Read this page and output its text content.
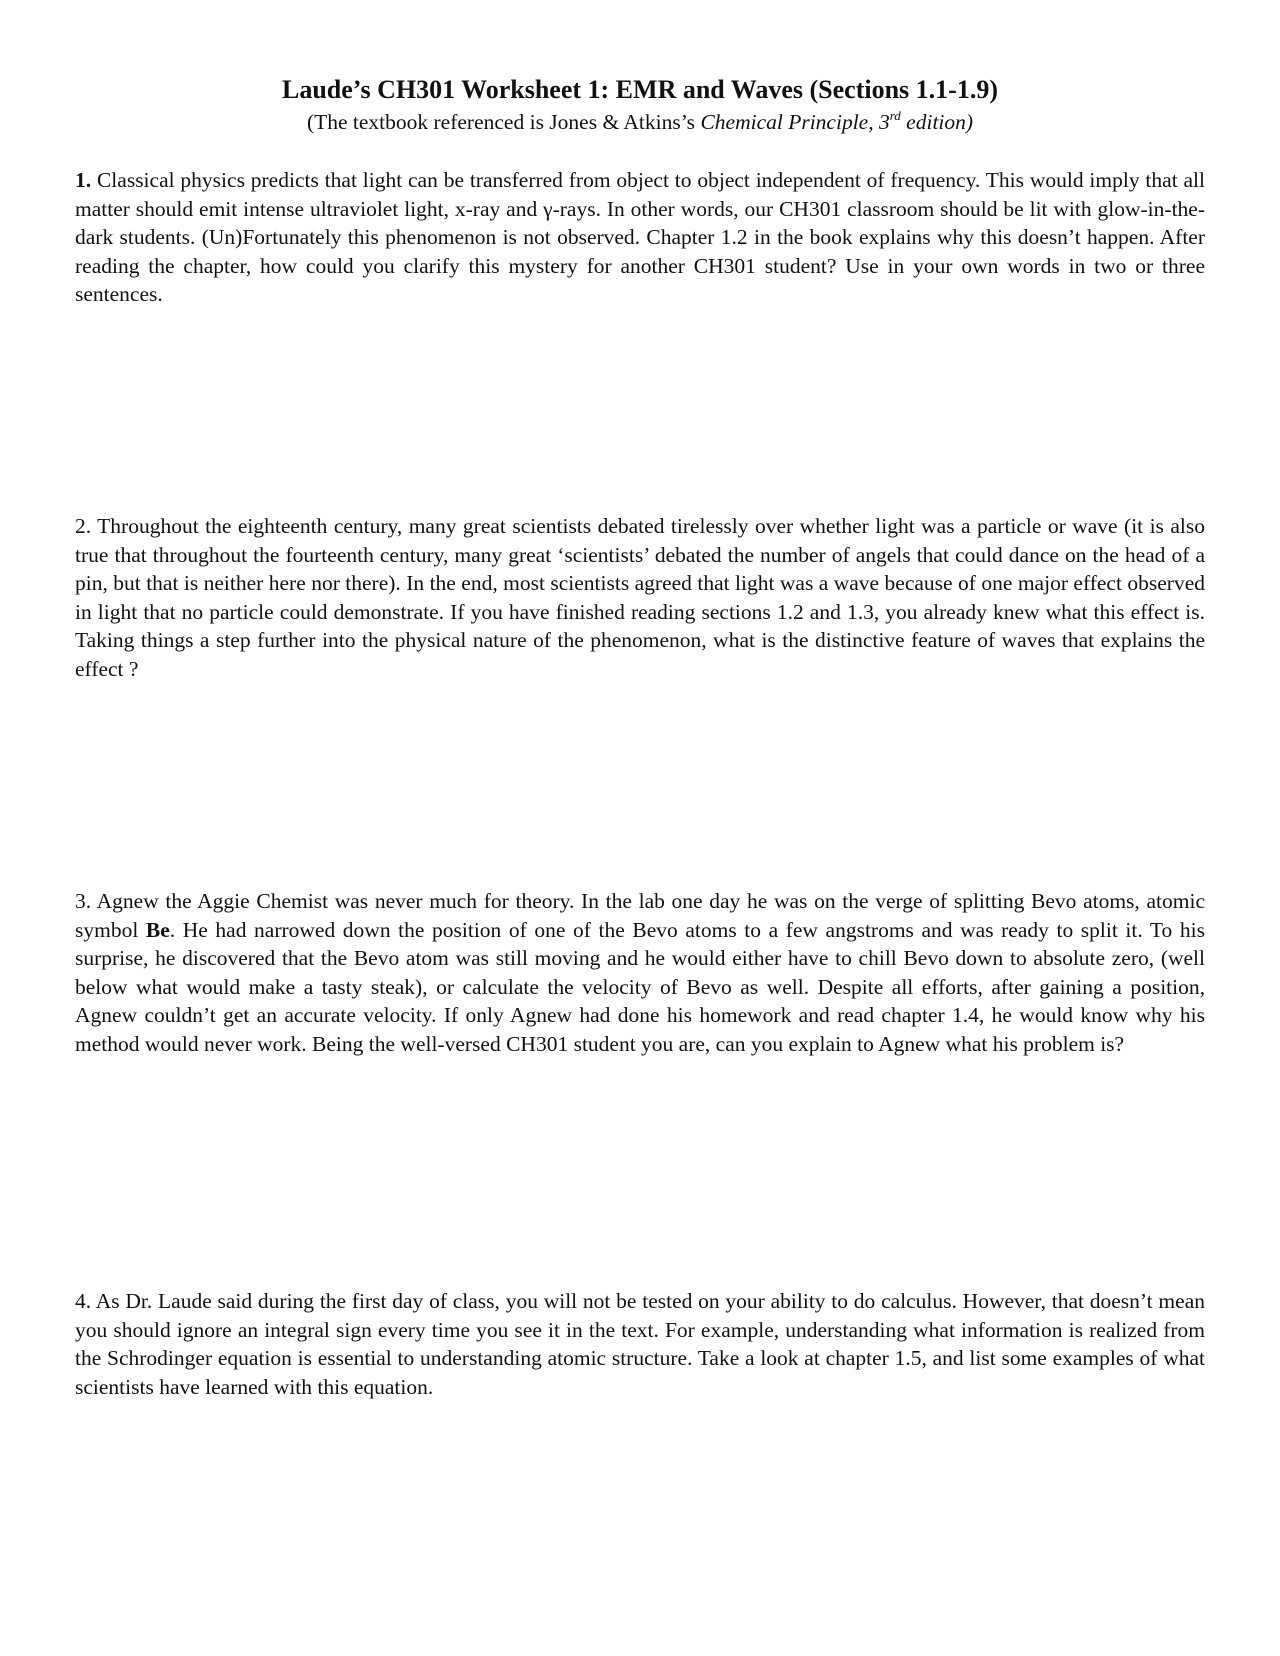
Laude’s CH301 Worksheet 1: EMR and Waves (Sections 1.1-1.9)

(The textbook referenced is Jones & Atkins’s Chemical Principle, 3rd edition)

1. Classical physics predicts that light can be transferred from object to object independent of frequency. This would imply that all matter should emit intense ultraviolet light, x-ray and γ-rays. In other words, our CH301 classroom should be lit with glow-in-the-dark students. (Un)Fortunately this phenomenon is not observed. Chapter 1.2 in the book explains why this doesn’t happen. After reading the chapter, how could you clarify this mystery for another CH301 student? Use in your own words in two or three sentences.

2. Throughout the eighteenth century, many great scientists debated tirelessly over whether light was a particle or wave (it is also true that throughout the fourteenth century, many great ‘scientists’ debated the number of angels that could dance on the head of a pin, but that is neither here nor there). In the end, most scientists agreed that light was a wave because of one major effect observed in light that no particle could demonstrate. If you have finished reading sections 1.2 and 1.3, you already knew what this effect is. Taking things a step further into the physical nature of the phenomenon, what is the distinctive feature of waves that explains the effect ?

3. Agnew the Aggie Chemist was never much for theory. In the lab one day he was on the verge of splitting Bevo atoms, atomic symbol Be. He had narrowed down the position of one of the Bevo atoms to a few angstroms and was ready to split it. To his surprise, he discovered that the Bevo atom was still moving and he would either have to chill Bevo down to absolute zero, (well below what would make a tasty steak), or calculate the velocity of Bevo as well. Despite all efforts, after gaining a position, Agnew couldn’t get an accurate velocity. If only Agnew had done his homework and read chapter 1.4, he would know why his method would never work. Being the well-versed CH301 student you are, can you explain to Agnew what his problem is?

4. As Dr. Laude said during the first day of class, you will not be tested on your ability to do calculus. However, that doesn’t mean you should ignore an integral sign every time you see it in the text. For example, understanding what information is realized from the Schrodinger equation is essential to understanding atomic structure. Take a look at chapter 1.5, and list some examples of what scientists have learned with this equation.
